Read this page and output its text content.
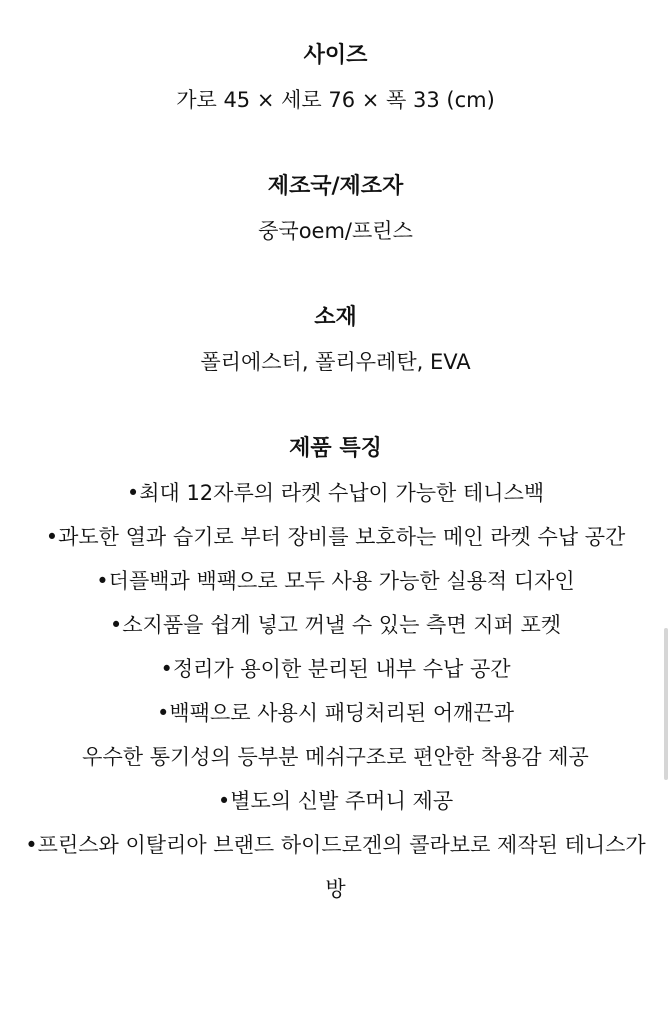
사이즈

가로 45 × 세로 76 × 폭 33 (cm)

제조국/제조자

중국oem/프린스

소재

폴리에스터, 폴리우레탄, EVA

제품 특징

•최대 12자루의 라켓 수납이 가능한 테니스백
•과도한 열과 습기로 부터 장비를 보호하는 메인 라켓 수납 공간
•더플백과 백팩으로 모두 사용 가능한 실용적 디자인
•소지품을 쉽게 넣고 꺼낼 수 있는 측면 지퍼 포켓
•정리가 용이한 분리된 내부 수납 공간
•백팩으로 사용시 패딩처리된 어깨끈과
우수한 통기성의 등부분 메쉬구조로 편안한 착용감 제공
•별도의 신발 주머니 제공
•프린스와 이탈리아 브랜드 하이드로겐의 콜라보로 제작된 테니스가방
